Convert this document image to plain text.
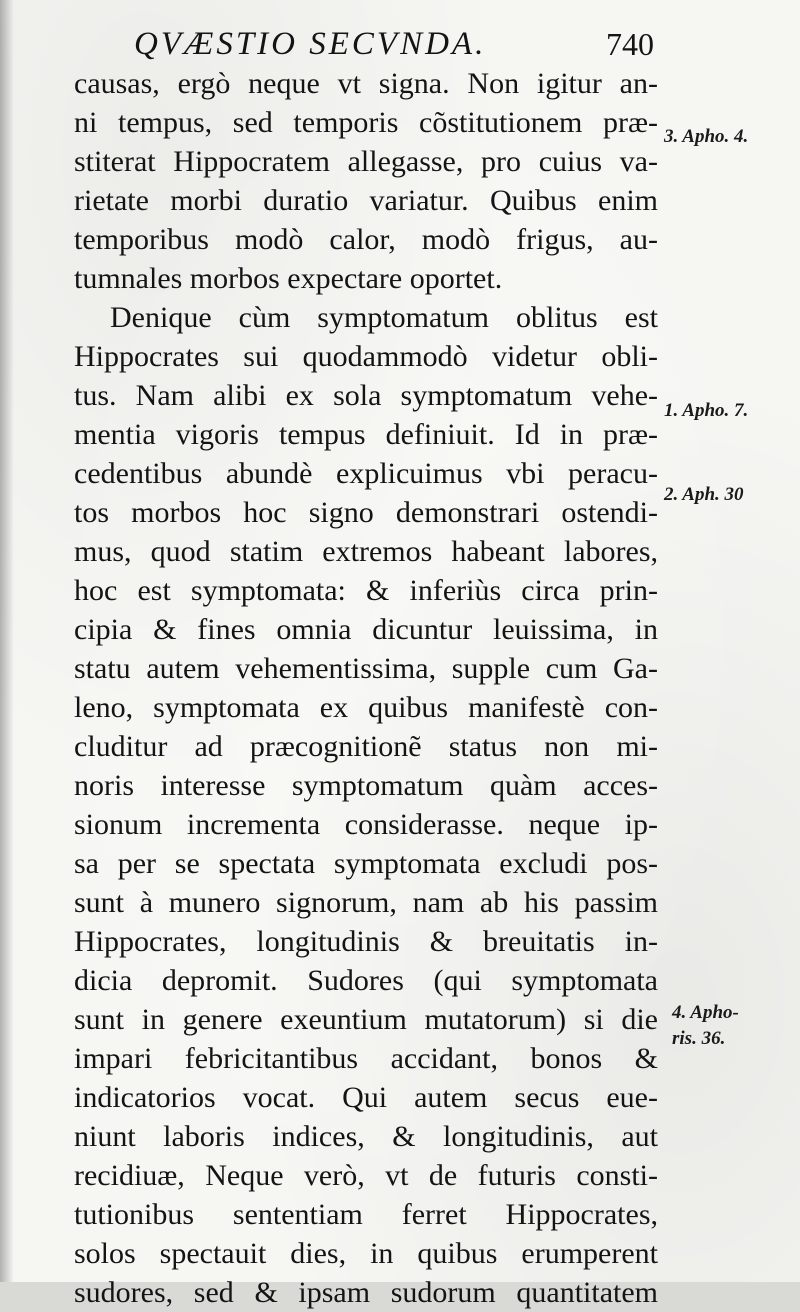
QVÆSTIO SECVNDA.	740
causas, ergò neque vt signa. Non igitur an-
ni tempus, sed temporis cõstitutionem præ-
stiterat Hippocratem allegasse, pro cuius va-
rietate morbi duratio variatur. Quibus enim
temporibus modò calor, modò frigus, au-
tumnales morbos expectare oportet.
Denique cùm symptomatum oblitus est
Hippocrates sui quodammodò videtur obli-
tus. Nam alibi ex sola symptomatum vehe-
mentia vigoris tempus definiuit. Id in præ-
cedentibus abundè explicuimus vbi peracu-
tos morbos hoc signo demonstrari ostendi-
mus, quod statim extremos habeant labores,
hoc est symptomata: & inferiùs circa prin-
cipia & fines omnia dicuntur leuissima, in
statu autem vehementissima, supple cum Ga-
leno, symptomata ex quibus manifestè con-
cluditur ad præcognitionẽ status non mi-
noris interesse symptomatum quàm acces-
sionum incrementa considerasse. neque ip-
sa per se spectata symptomata excludi pos-
sunt à munero signorum, nam ab his passim
Hippocrates, longitudinis & breuitatis in-
dicia depromit. Sudores (qui symptomata
sunt in genere exeuntium mutatorum) si die
impari febricitantibus accidant, bonos &
indicatorios vocat. Qui autem secus eue-
niunt laboris indices, & longitudinis, aut
recidiuæ, Neque verò, vt de futuris consti-
tutionibus sententiam ferret Hippocrates,
solos spectauit dies, in quibus erumperent
sudores, sed & ipsam sudorum quantitatem
3. Apho. 4.
1. Apho. 7.
2. Aph. 30
4. Apho-
ris. 36.
